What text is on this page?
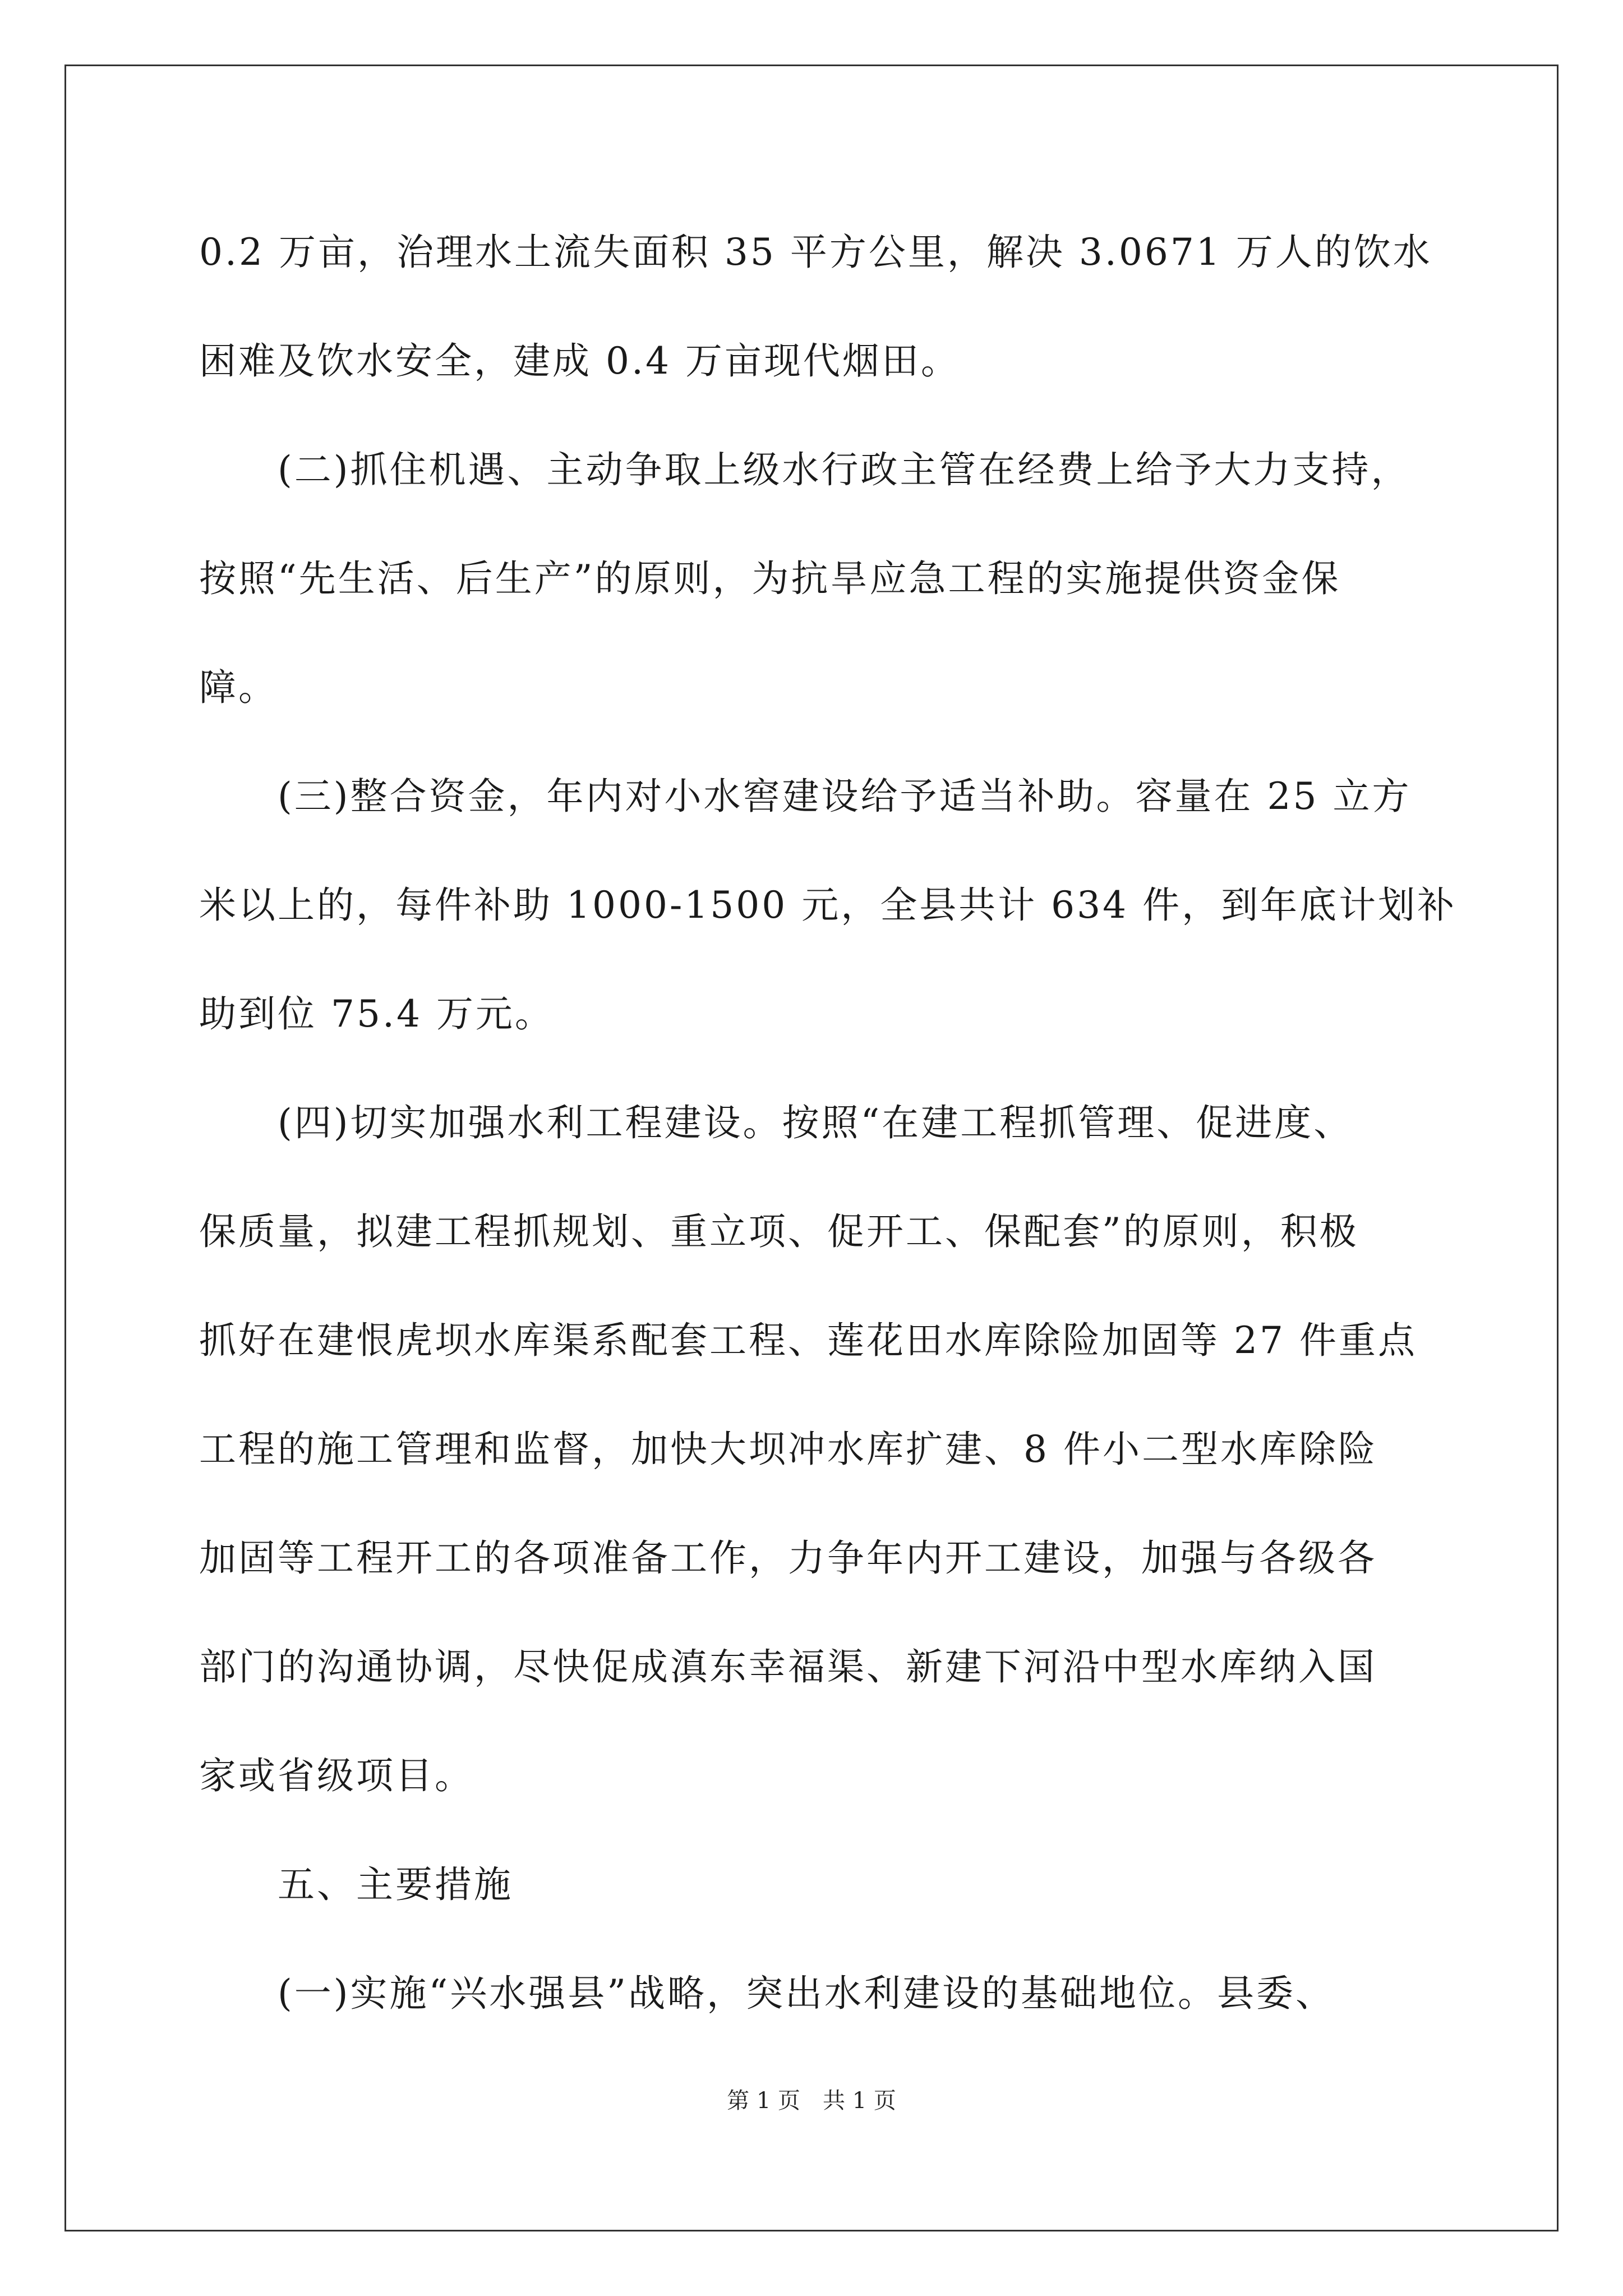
0.2 万亩，治理水土流失面积 35 平方公里，解决 3.0671 万人的饮水
困难及饮水安全，建成 0.4 万亩现代烟田。
　　(二)抓住机遇、主动争取上级水行政主管在经费上给予大力支持，
按照“先生活、后生产”的原则，为抗旱应急工程的实施提供资金保
障。
　　(三)整合资金，年内对小水窖建设给予适当补助。容量在 25 立方
米以上的，每件补助 1000-1500 元，全县共计 634 件，到年底计划补
助到位 75.4 万元。
　　(四)切实加强水利工程建设。按照“在建工程抓管理、促进度、
保质量，拟建工程抓规划、重立项、促开工、保配套”的原则，积极
抓好在建恨虎坝水库渠系配套工程、莲花田水库除险加固等 27 件重点
工程的施工管理和监督，加快大坝冲水库扩建、8 件小二型水库除险
加固等工程开工的各项准备工作，力争年内开工建设，加强与各级各
部门的沟通协调，尽快促成滇东幸福渠、新建下河沿中型水库纳入国
家或省级项目。
　　五、主要措施
　　(一)实施“兴水强县”战略，突出水利建设的基础地位。县委、
第 1 页　共 1 页
